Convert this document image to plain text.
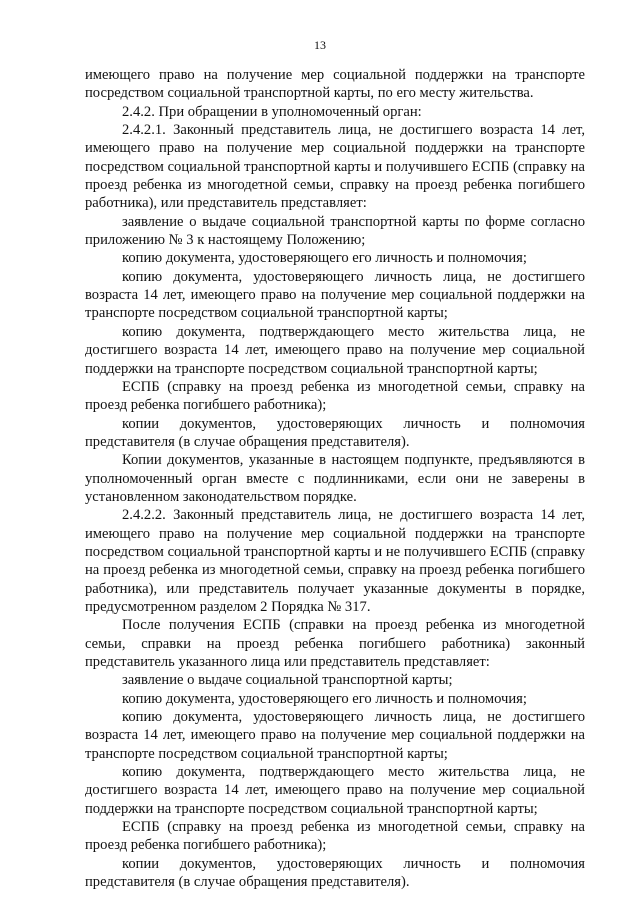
13

имеющего право на получение мер социальной поддержки на транспорте посредством социальной транспортной карты, по его месту жительства.

2.4.2. При обращении в уполномоченный орган:

2.4.2.1. Законный представитель лица, не достигшего возраста 14 лет, имеющего право на получение мер социальной поддержки на транспорте посредством социальной транспортной карты и получившего ЕСПБ (справку на проезд ребенка из многодетной семьи, справку на проезд ребенка погибшего работника), или представитель представляет:

заявление о выдаче социальной транспортной карты по форме согласно приложению № 3 к настоящему Положению;

копию документа, удостоверяющего его личность и полномочия;

копию документа, удостоверяющего личность лица, не достигшего возраста 14 лет, имеющего право на получение мер социальной поддержки на транспорте посредством социальной транспортной карты;

копию документа, подтверждающего место жительства лица, не достигшего возраста 14 лет, имеющего право на получение мер социальной поддержки на транспорте посредством социальной транспортной карты;

ЕСПБ (справку на проезд ребенка из многодетной семьи, справку на проезд ребенка погибшего работника);

копии документов, удостоверяющих личность и полномочия представителя (в случае обращения представителя).

Копии документов, указанные в настоящем подпункте, предъявляются в уполномоченный орган вместе с подлинниками, если они не заверены в установленном законодательством порядке.

2.4.2.2. Законный представитель лица, не достигшего возраста 14 лет, имеющего право на получение мер социальной поддержки на транспорте посредством социальной транспортной карты и не получившего ЕСПБ (справку на проезд ребенка из многодетной семьи, справку на проезд ребенка погибшего работника), или представитель получает указанные документы в порядке, предусмотренном разделом 2 Порядка № 317.

После получения ЕСПБ (справки на проезд ребенка из многодетной семьи, справки на проезд ребенка погибшего работника) законный представитель указанного лица или представитель представляет:

заявление о выдаче социальной транспортной карты;

копию документа, удостоверяющего его личность и полномочия;

копию документа, удостоверяющего личность лица, не достигшего возраста 14 лет, имеющего право на получение мер социальной поддержки на транспорте посредством социальной транспортной карты;

копию документа, подтверждающего место жительства лица, не достигшего возраста 14 лет, имеющего право на получение мер социальной поддержки на транспорте посредством социальной транспортной карты;

ЕСПБ (справку на проезд ребенка из многодетной семьи, справку на проезд ребенка погибшего работника);

копии документов, удостоверяющих личность и полномочия представителя (в случае обращения представителя).
